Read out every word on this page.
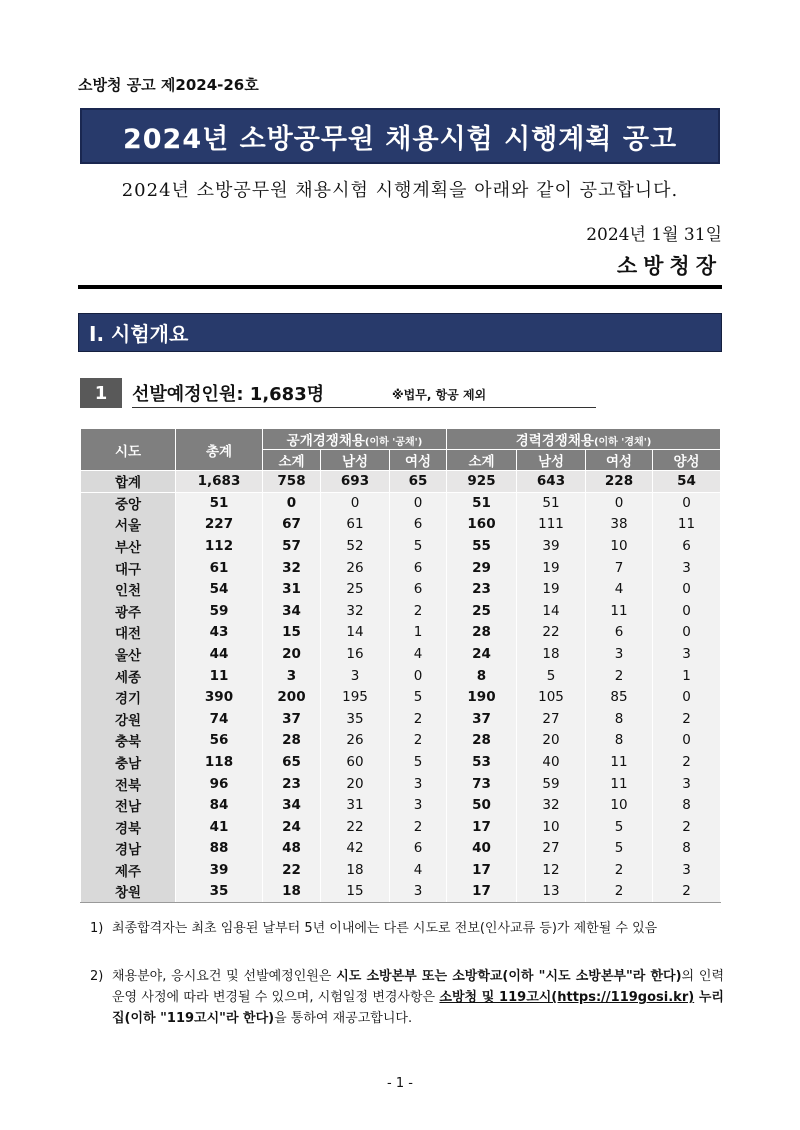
소방청 공고 제2024-26호
2024년 소방공무원 채용시험 시행계획 공고
2024년 소방공무원 채용시험 시행계획을 아래와 같이 공고합니다.
2024년 1월 31일
소방청장
Ⅰ. 시험개요
1	선발예정인원: 1,683명	※법무, 항공 제외
시도	총계	공개경쟁채용(이하 '공채')			경력경쟁채용(이하 '경채')			
		소계	남성	여성	소계	남성	여성	양성
합계	1,683	758	693	65	925	643	228	54
중앙	51	0	0	0	51	51	0	0
서울	227	67	61	6	160	111	38	11
부산	112	57	52	5	55	39	10	6
대구	61	32	26	6	29	19	7	3
인천	54	31	25	6	23	19	4	0
광주	59	34	32	2	25	14	11	0
대전	43	15	14	1	28	22	6	0
울산	44	20	16	4	24	18	3	3
세종	11	3	3	0	8	5	2	1
경기	390	200	195	5	190	105	85	0
강원	74	37	35	2	37	27	8	2
충북	56	28	26	2	28	20	8	0
충남	118	65	60	5	53	40	11	2
전북	96	23	20	3	73	59	11	3
전남	84	34	31	3	50	32	10	8
경북	41	24	22	2	17	10	5	2
경남	88	48	42	6	40	27	5	8
제주	39	22	18	4	17	12	2	3
창원	35	18	15	3	17	13	2	2
1) 최종합격자는 최초 임용된 날부터 5년 이내에는 다른 시도로 전보(인사교류 등)가 제한될 수 있음
2) 채용분야, 응시요건 및 선발예정인원은 시도 소방본부 또는 소방학교(이하 "시도 소방본부"라 한다)의 인력운영 사정에 따라 변경될 수 있으며, 시험일정 변경사항은 소방청 및 119고시(https://119gosi.kr) 누리집(이하 "119고시"라 한다)을 통하여 재공고합니다.
- 1 -
